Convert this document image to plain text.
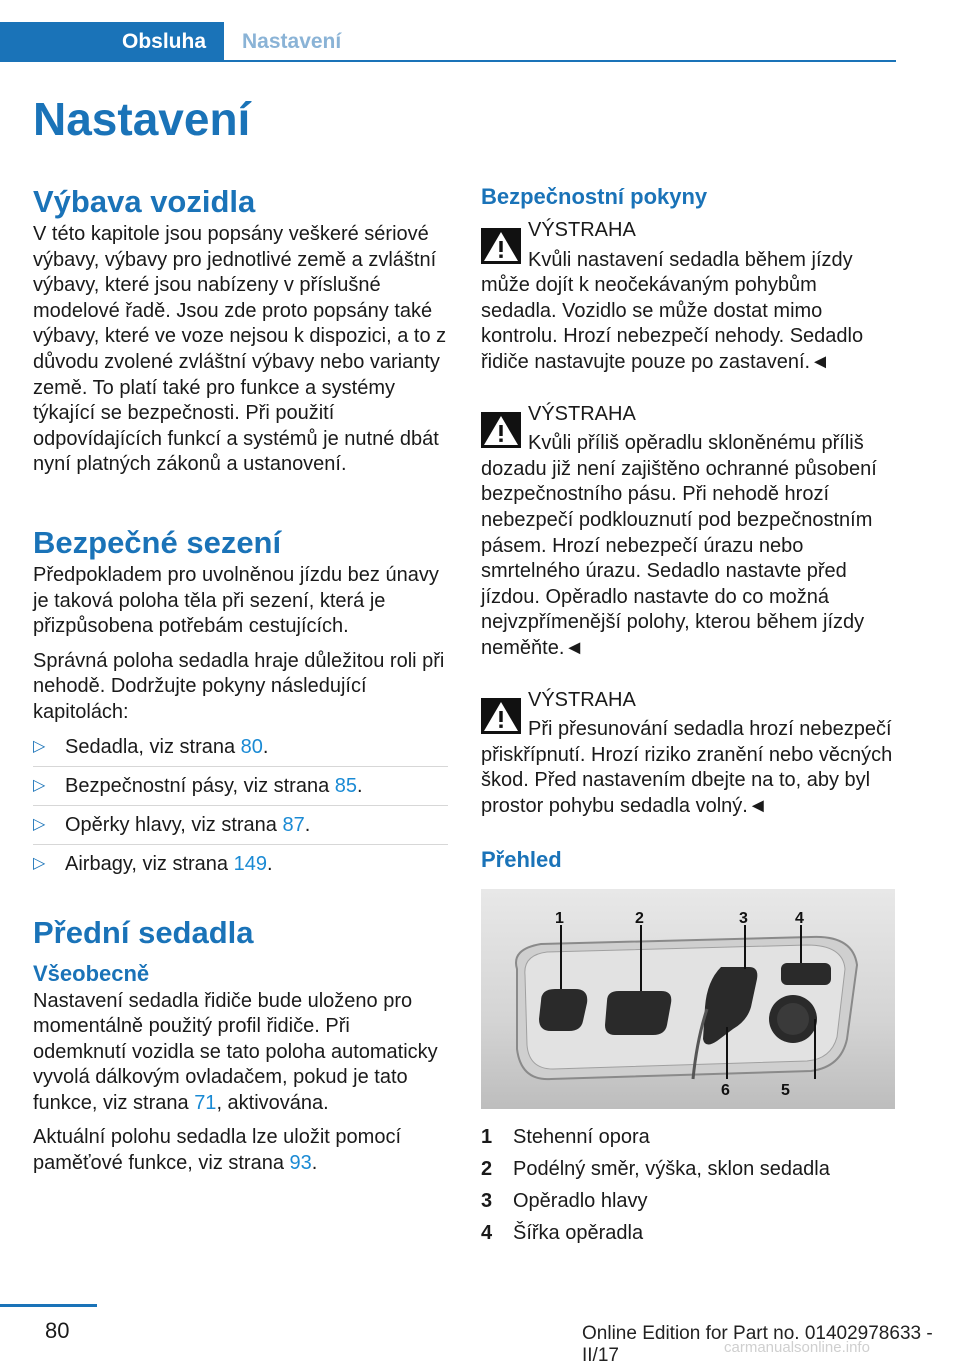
Obsluha Nastavení
Nastavení
Výbava vozidla

V této kapitole jsou popsány veškeré sériové výbavy, výbavy pro jednotlivé země a zvláštní výbavy, které jsou nabízeny v příslušné modelové řadě. Jsou zde proto popsány také výbavy, které ve voze nejsou k dispozici, a to z důvodu zvolené zvláštní výbavy nebo varianty země. To platí také pro funkce a systémy týkající se bezpečnosti. Při použití odpovídajících funkcí a systémů je nutné dbát nyní platných zákonů a ustanovení.

Bezpečné sezení

Předpokladem pro uvolněnou jízdu bez únavy je taková poloha těla při sezení, která je přizpůsobena potřebám cestujících.

Správná poloha sedadla hraje důležitou roli při nehodě. Dodržujte pokyny následující kapitolách:

▷ Sedadla, viz strana 80.
▷ Bezpečnostní pásy, viz strana 85.
▷ Opěrky hlavy, viz strana 87.
▷ Airbagy, viz strana 149.
Přední sedadla
Všeobecně

Nastavení sedadla řidiče bude uloženo pro momentálně použitý profil řidiče. Při odemknutí vozidla se tato poloha automaticky vyvolá dálkovým ovladačem, pokud je tato funkce, viz strana 71, aktivována.

Aktuální polohu sedadla lze uložit pomocí paměťové funkce, viz strana 93.

Bezpečnostní pokyny
VÝSTRAHA
Kvůli nastavení sedadla během jízdy
může dojít k neočekávaným pohybům sedadla. Vozidlo se může dostat mimo kontrolu. Hrozí nebezpečí nehody. Sedadlo řidiče nastavujte pouze po zastavení.◄
VÝSTRAHA
Kvůli příliš opěradlu skloněnému příliš
dozadu již není zajištěno ochranné působení bezpečnostního pásu. Při nehodě hrozí nebezpečí podklouznutí pod bezpečnostním pásem. Hrozí nebezpečí úrazu nebo smrtelného úrazu. Sedadlo nastavte před jízdou. Opěradlo nastavte do co možná nejvzpřímenější polohy, kterou během jízdy neměňte.◄
VÝSTRAHA
Při přesunování sedadla hrozí nebezpečí
přiskřípnutí. Hrozí riziko zranění nebo věcných škod. Před nastavením dbejte na to, aby byl prostor pohybu sedadla volný.◄
Přehled
1	2	3	4
5
6
1	Stehenní opora
2	Podélný směr, výška, sklon sedadla
3	Opěradlo hlavy
4	Šířka opěradla
80	Online Edition for Part no. 01402978633 - II/17	carmanualsonline.info
